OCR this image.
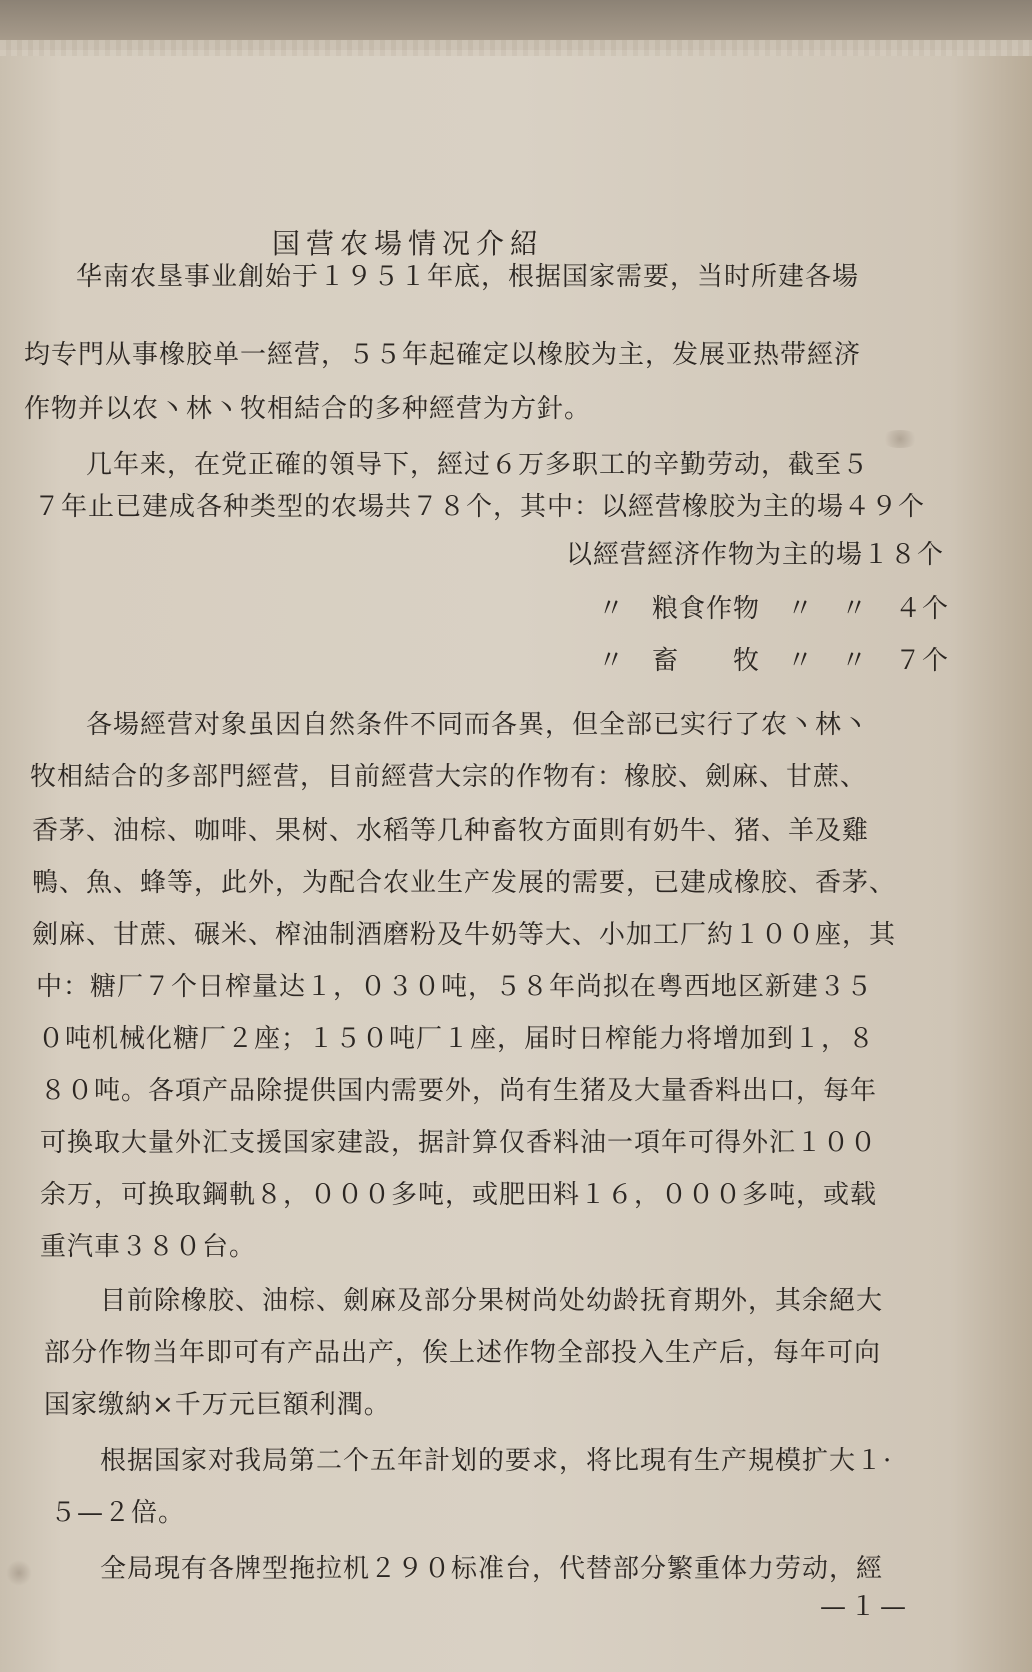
国营农場情况介紹
华南农垦事业創始于１９５１年底，根据国家需要，当时所建各場
均专門从事橡胶单一經营，５５年起確定以橡胶为主，发展亚热带經济
作物并以农丶林丶牧相結合的多种經营为方針。
几年来，在党正確的領导下，經过６万多职工的辛勤劳动，截至５
７年止已建成各种类型的农場共７８个，其中：以經营橡胶为主的場４９个
以經营經济作物为主的場１８个
〃　粮食作物　〃　〃　４个
〃　畜　　牧　〃　〃　７个
各場經营对象虽因自然条件不同而各異，但全部已实行了农丶林丶
牧相結合的多部門經营，目前經营大宗的作物有：橡胶、劍麻、甘蔗、
香茅、油棕、咖啡、果树、水稻等几种畜牧方面則有奶牛、猪、羊及雞
鴨、魚、蜂等，此外，为配合农业生产发展的需要，已建成橡胶、香茅、
劍麻、甘蔗、碾米、榨油制酒磨粉及牛奶等大、小加工厂約１００座，其
中：糖厂７个日榨量达１，０３０吨，５８年尚拟在粤西地区新建３５
０吨机械化糖厂２座；１５０吨厂１座，届时日榨能力将增加到１，８
８０吨。各項产品除提供国内需要外，尚有生猪及大量香料出口，每年
可換取大量外汇支援国家建設，据計算仅香料油一項年可得外汇１００
余万，可换取鋼軌８，０００多吨，或肥田料１６，０００多吨，或载
重汽車３８０台。
目前除橡胶、油棕、劍麻及部分果树尚处幼龄抚育期外，其余絕大
部分作物当年即可有产品出产，俟上述作物全部投入生产后，每年可向
国家缴納×千万元巨額利潤。
根据国家对我局第二个五年計划的要求，将比現有生产規模扩大１·
５—２倍。
全局現有各牌型拖拉机２９０标准台，代替部分繁重体力劳动，經
—１—
